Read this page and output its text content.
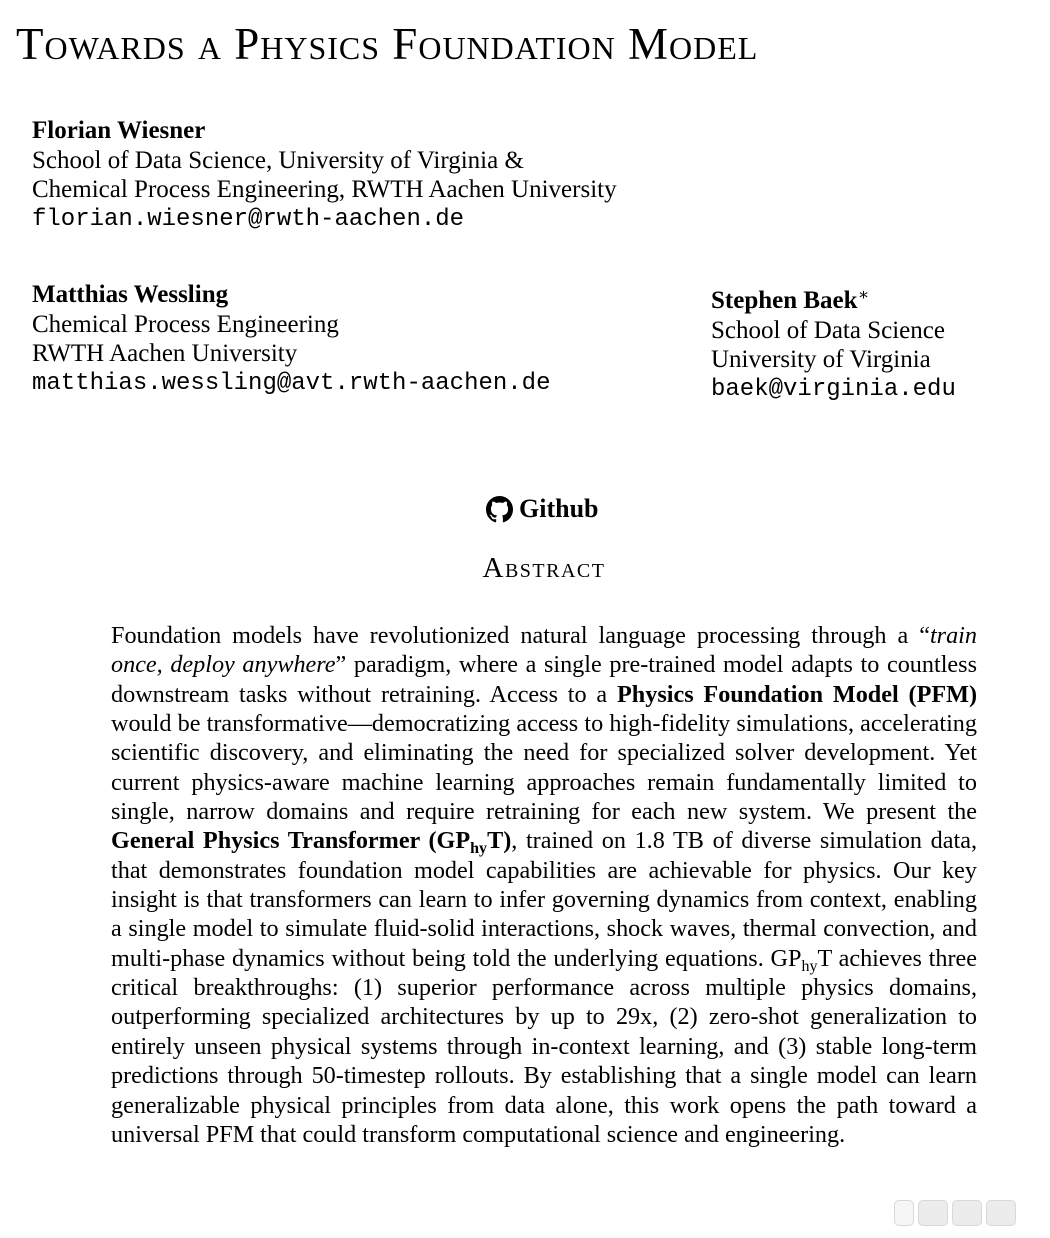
Towards a Physics Foundation Model
Florian Wiesner
School of Data Science, University of Virginia &
Chemical Process Engineering, RWTH Aachen University
florian.wiesner@rwth-aachen.de
Matthias Wessling
Chemical Process Engineering
RWTH Aachen University
matthias.wessling@avt.rwth-aachen.de
Stephen Baek∗
School of Data Science
University of Virginia
baek@virginia.edu
Github
Abstract

Foundation models have revolutionized natural language processing through a “train once, deploy anywhere” paradigm, where a single pre-trained model adapts to countless downstream tasks without retraining. Access to a Physics Foundation Model (PFM) would be transformative—democratizing access to high-fidelity simulations, accelerating scientific discovery, and eliminating the need for specialized solver development. Yet current physics-aware machine learning approaches remain fundamentally limited to single, narrow domains and require retraining for each new system. We present the General Physics Transformer $(GP_{hy}T)$, trained on 1.8 TB of diverse simulation data, that demonstrates foundation model capabilities are achievable for physics. Our key insight is that transformers can learn to infer governing dynamics from context, enabling a single model to simulate fluid-solid interactions, shock waves, thermal convection, and multi-phase dynamics without being told the underlying equations. $GP_{hy}T$ achieves three critical breakthroughs: (1) superior performance across multiple physics domains, outperforming specialized architectures by up to 29x, (2) zero-shot generalization to entirely unseen physical systems through in-context learning, and (3) stable long-term predictions through 50-timestep rollouts. By establishing that a single model can learn generalizable physical principles from data alone, this work opens the path toward a universal PFM that could transform computational science and engineering.
